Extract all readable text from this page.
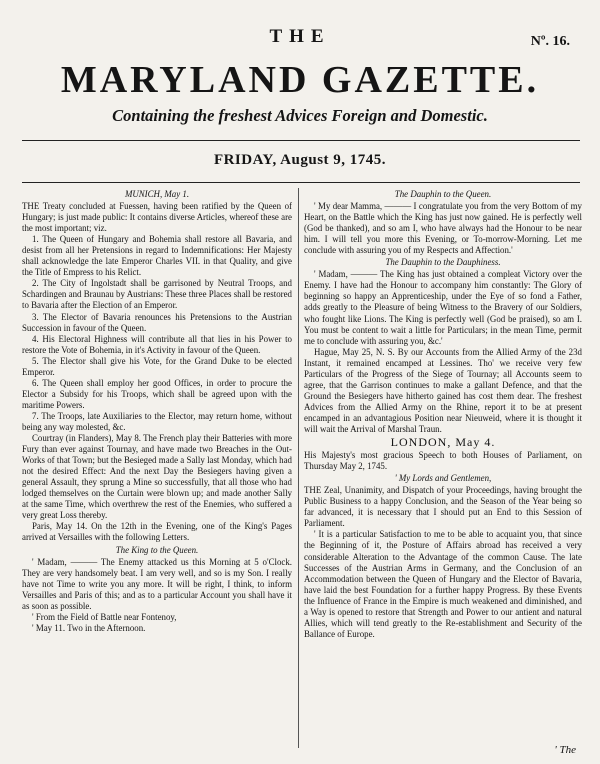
THE	Nº. 16.
MARYLAND GAZETTE.
Containing the freshest Advices Foreign and Domestic.
FRIDAY, August 9, 1745.
MUNICH, May 1.

THE Treaty concluded at Fuessen, having been ratified by the Queen of Hungary; is just made public: It contains diverse Articles, whereof these are the most important; viz.

1. The Queen of Hungary and Bohemia shall restore all Bavaria, and desist from all her Pretensions in regard to Indemnifications: Her Majesty shall acknowledge the late Emperor Charles VII. in that Quality, and give the Title of Empress to his Relict.

2. The City of Ingolstadt shall be garrisoned by Neutral Troops, and Schardingen and Braunau by Austrians: These three Places shall be restored to Bavaria after the Election of an Emperor.

3. The Elector of Bavaria renounces his Pretensions to the Austrian Succession in favour of the Queen.

4. His Electoral Highness will contribute all that lies in his Power to restore the Vote of Bohemia, in it's Activity in favour of the Queen.

5. The Elector shall give his Vote, for the Grand Duke to be elected Emperor.

6. The Queen shall employ her good Offices, in order to procure the Elector a Subsidy for his Troops, which shall be agreed upon with the maritime Powers.

7. The Troops, late Auxiliaries to the Elector, may return home, without being any way molested, &c.

Courtray (in Flanders), May 8. The French play their Batteries with more Fury than ever against Tournay, and have made two Breaches in the Out-Works of that Town; but the Besieged made a Sally last Monday, which had not the desired Effect: And the next Day the Besiegers having given a general Assault, they sprung a Mine so successfully, that all those who had lodged themselves on the Curtain were blown up; and made another Sally at the same Time, which overthrew the rest of the Enemies, who suffered a very great Loss thereby.

Paris, May 14. On the 12th in the Evening, one of the King's Pages arrived at Versailles with the following Letters.

The King to the Queen.

' Madam, ——— The Enemy attacked us this Morning at 5 o'Clock. They are very handsomely beat. I am very well, and so is my Son. I really have not Time to write you any more. It will be right, I think, to inform Versailles and Paris of this; and as to a particular Account you shall have it as soon as possible.

' From the Field of Battle near Fontenoy,

' May 11. Two in the Afternoon.

The Dauphin to the Queen.

' My dear Mamma, ——— I congratulate you from the very Bottom of my Heart, on the Battle which the King has just now gained. He is perfectly well (God be thanked), and so am I, who have always had the Honour to be near him. I will tell you more this Evening, or To-morrow-Morning. Let me conclude with assuring you of my Respects and Affection.'

The Dauphin to the Dauphiness.

' Madam, ——— The King has just obtained a compleat Victory over the Enemy. I have had the Honour to accompany him constantly: The Glory of beginning so happy an Apprenticeship, under the Eye of so fond a Father, adds greatly to the Pleasure of being Witness to the Bravery of our Soldiers, who fought like Lions. The King is perfectly well (God be praised), so am I. You must be content to wait a little for Particulars; in the mean Time, permit me to conclude with assuring you, &c.'

Hague, May 25, N. S. By our Accounts from the Allied Army of the 23d Instant, it remained encamped at Lessines. Tho' we receive very few Particulars of the Progress of the Siege of Tournay; all Accounts seem to agree, that the Garrison continues to make a gallant Defence, and that the Ground the Besiegers have hitherto gained has cost them dear. The freshest Advices from the Allied Army on the Rhine, report it to be at present encamped in an advantagious Position near Nieuweid, where it is thought it will wait the Arrival of Marshal Traun.

LONDON, May 4.

His Majesty's most gracious Speech to both Houses of Parliament, on Thursday May 2, 1745.

' My Lords and Gentlemen,

THE Zeal, Unanimity, and Dispatch of your Proceedings, having brought the Public Business to a happy Conclusion, and the Season of the Year being so far advanced, it is necessary that I should put an End to this Session of Parliament.

' It is a particular Satisfaction to me to be able to acquaint you, that since the Beginning of it, the Posture of Affairs abroad has received a very considerable Alteration to the Advantage of the common Cause. The late Successes of the Austrian Arms in Germany, and the Conclusion of an Accommodation between the Queen of Hungary and the Elector of Bavaria, have laid the best Foundation for a further happy Progress. By these Events the Influence of France in the Empire is much weakened and diminished, and a Way is opened to restore that Strength and Power to our antient and natural Allies, which will tend greatly to the Re-establishment and Security of the Ballance of Europe.

' The
